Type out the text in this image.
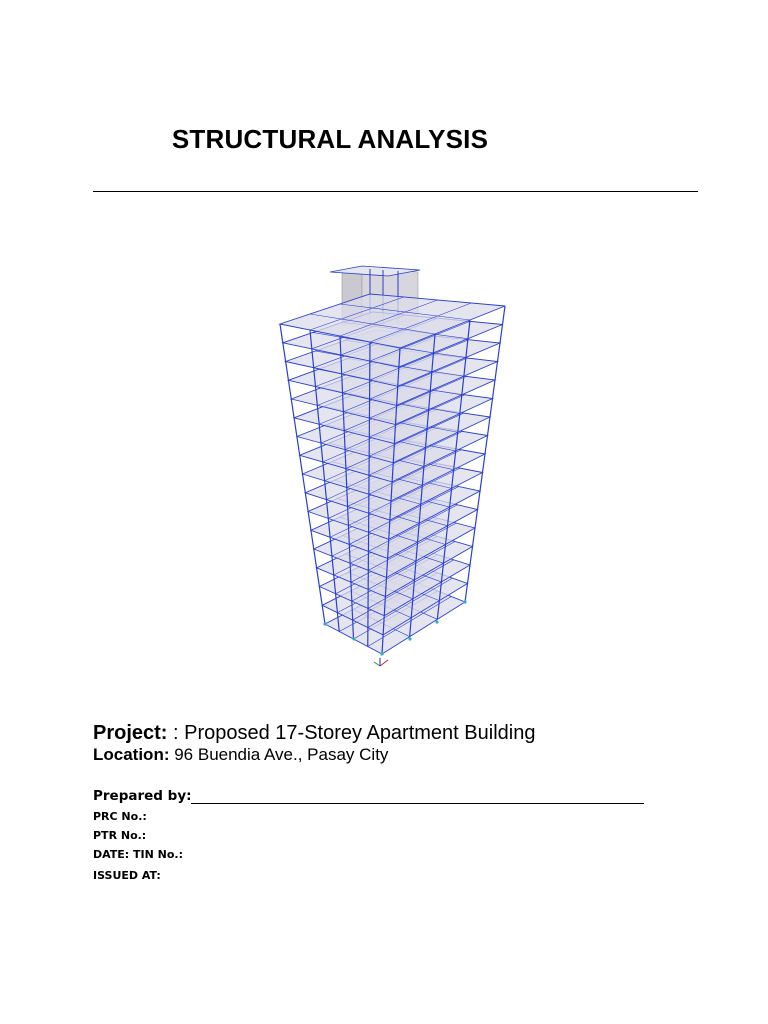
STRUCTURAL ANALYSIS
Project: : Proposed 17-Storey Apartment Building
Location: 96 Buendia Ave., Pasay City
Prepared by:
PRC No.:
PTR No.:
DATE: TIN No.:
ISSUED AT:
